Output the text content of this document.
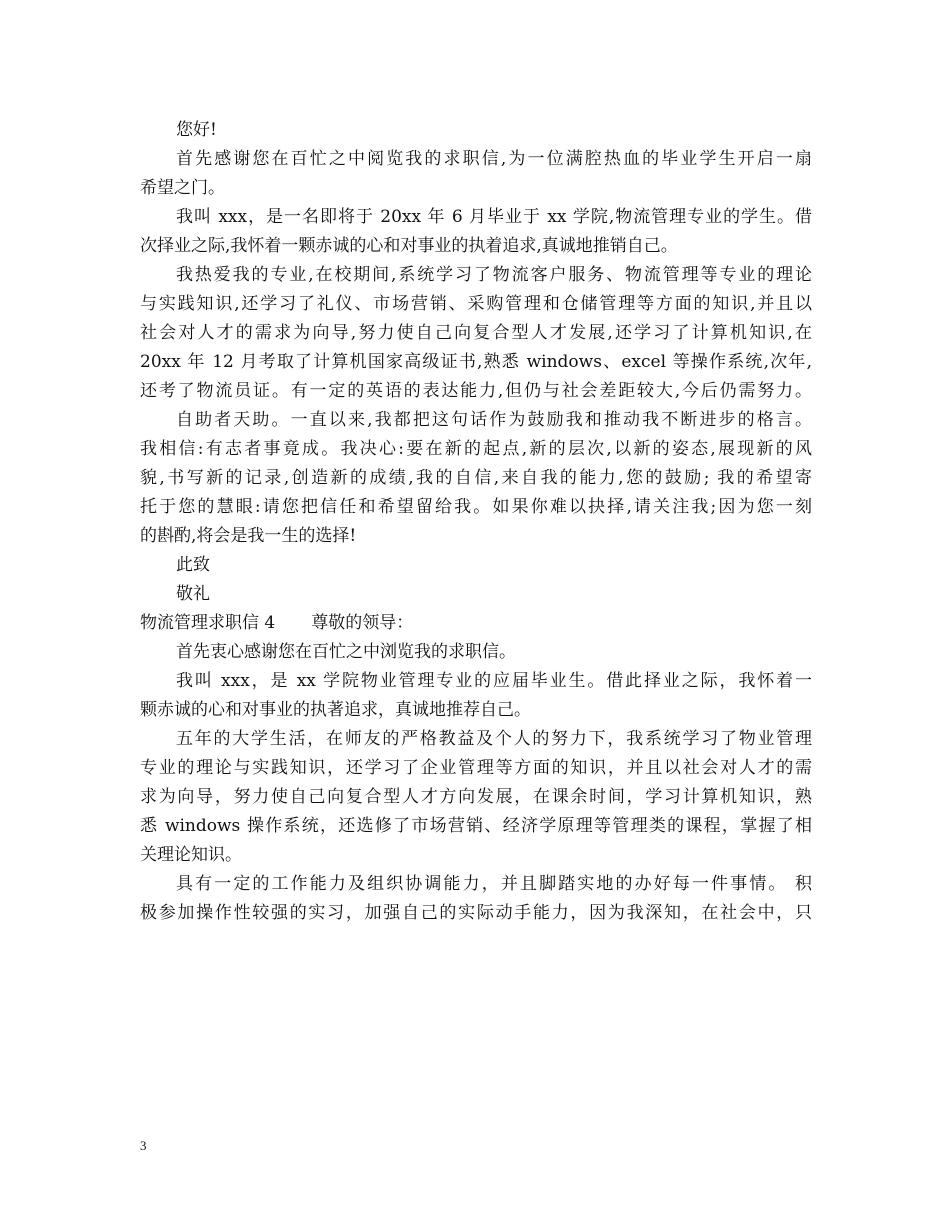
您好!
首先感谢您在百忙之中阅览我的求职信,为一位满腔热血的毕业学生开启一扇
希望之门。
我叫 xxx，是一名即将于 20xx 年 6 月毕业于 xx 学院,物流管理专业的学生。借
次择业之际,我怀着一颗赤诚的心和对事业的执着追求,真诚地推销自己。
我热爱我的专业,在校期间,系统学习了物流客户服务、物流管理等专业的理论
与实践知识,还学习了礼仪、市场营销、采购管理和仓储管理等方面的知识,并且以
社会对人才的需求为向导,努力使自己向复合型人才发展,还学习了计算机知识,在
20xx 年 12 月考取了计算机国家高级证书,熟悉 windows、excel 等操作系统,次年,
还考了物流员证。有一定的英语的表达能力,但仍与社会差距较大,今后仍需努力。
自助者天助。一直以来,我都把这句话作为鼓励我和推动我不断进步的格言。
我相信:有志者事竟成。我决心:要在新的起点,新的层次,以新的姿态,展现新的风
貌,书写新的记录,创造新的成绩,我的自信,来自我的能力,您的鼓励; 我的希望寄
托于您的慧眼:请您把信任和希望留给我。如果你难以抉择,请关注我;因为您一刻
的斟酌,将会是我一生的选择!
此致
敬礼
物流管理求职信 4 尊敬的领导：
首先衷心感谢您在百忙之中浏览我的求职信。
我叫 xxx，是 xx 学院物业管理专业的应届毕业生。借此择业之际，我怀着一
颗赤诚的心和对事业的执著追求，真诚地推荐自己。
五年的大学生活，在师友的严格教益及个人的努力下，我系统学习了物业管理
专业的理论与实践知识，还学习了企业管理等方面的知识，并且以社会对人才的需
求为向导，努力使自己向复合型人才方向发展，在课余时间，学习计算机知识，熟
悉 windows 操作系统，还选修了市场营销、经济学原理等管理类的课程，掌握了相
关理论知识。
具有一定的工作能力及组织协调能力，并且脚踏实地的办好每一件事情。 积
极参加操作性较强的实习，加强自己的实际动手能力，因为我深知，在社会中，只
3
